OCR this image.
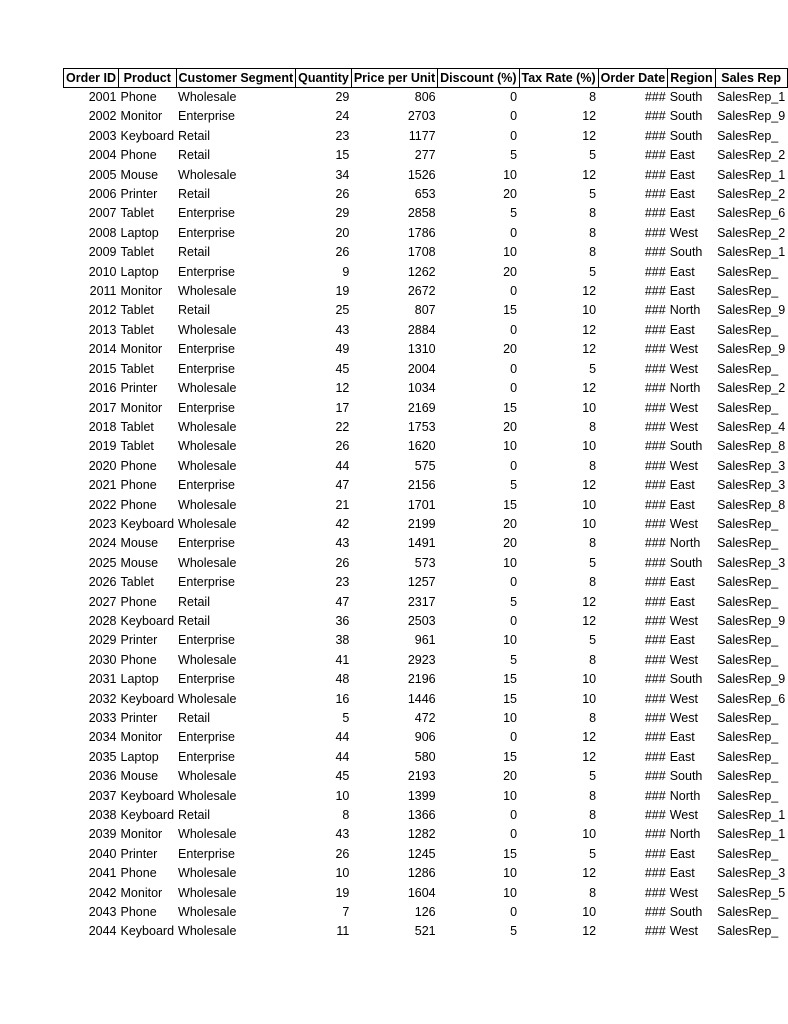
Order ID	Product	Customer Segment	Quantity	Price per Unit	Discount (%)	Tax Rate (%)	Order Date	Region	Sales Rep

2001	Phone	Wholesale	29	806	0	8	###	South	SalesRep_1
2002	Monitor	Enterprise	24	2703	0	12	###	South	SalesRep_9
2003	Keyboard	Retail	23	1177	0	12	###	South	SalesRep_
2004	Phone	Retail	15	277	5	5	###	East	SalesRep_2
2005	Mouse	Wholesale	34	1526	10	12	###	East	SalesRep_1
2006	Printer	Retail	26	653	20	5	###	East	SalesRep_2
2007	Tablet	Enterprise	29	2858	5	8	###	East	SalesRep_6
2008	Laptop	Enterprise	20	1786	0	8	###	West	SalesRep_2
2009	Tablet	Retail	26	1708	10	8	###	South	SalesRep_1
2010	Laptop	Enterprise	9	1262	20	5	###	East	SalesRep_
2011	Monitor	Wholesale	19	2672	0	12	###	East	SalesRep_
2012	Tablet	Retail	25	807	15	10	###	North	SalesRep_9
2013	Tablet	Wholesale	43	2884	0	12	###	East	SalesRep_
2014	Monitor	Enterprise	49	1310	20	12	###	West	SalesRep_9
2015	Tablet	Enterprise	45	2004	0	5	###	West	SalesRep_
2016	Printer	Wholesale	12	1034	0	12	###	North	SalesRep_2
2017	Monitor	Enterprise	17	2169	15	10	###	West	SalesRep_
2018	Tablet	Wholesale	22	1753	20	8	###	West	SalesRep_4
2019	Tablet	Wholesale	26	1620	10	10	###	South	SalesRep_8
2020	Phone	Wholesale	44	575	0	8	###	West	SalesRep_3
2021	Phone	Enterprise	47	2156	5	12	###	East	SalesRep_3
2022	Phone	Wholesale	21	1701	15	10	###	East	SalesRep_8
2023	Keyboard	Wholesale	42	2199	20	10	###	West	SalesRep_
2024	Mouse	Enterprise	43	1491	20	8	###	North	SalesRep_
2025	Mouse	Wholesale	26	573	10	5	###	South	SalesRep_3
2026	Tablet	Enterprise	23	1257	0	8	###	East	SalesRep_
2027	Phone	Retail	47	2317	5	12	###	East	SalesRep_
2028	Keyboard	Retail	36	2503	0	12	###	West	SalesRep_9
2029	Printer	Enterprise	38	961	10	5	###	East	SalesRep_
2030	Phone	Wholesale	41	2923	5	8	###	West	SalesRep_
2031	Laptop	Enterprise	48	2196	15	10	###	South	SalesRep_9
2032	Keyboard	Wholesale	16	1446	15	10	###	West	SalesRep_6
2033	Printer	Retail	5	472	10	8	###	West	SalesRep_
2034	Monitor	Enterprise	44	906	0	12	###	East	SalesRep_
2035	Laptop	Enterprise	44	580	15	12	###	East	SalesRep_
2036	Mouse	Wholesale	45	2193	20	5	###	South	SalesRep_
2037	Keyboard	Wholesale	10	1399	10	8	###	North	SalesRep_
2038	Keyboard	Retail	8	1366	0	8	###	West	SalesRep_1
2039	Monitor	Wholesale	43	1282	0	10	###	North	SalesRep_1
2040	Printer	Enterprise	26	1245	15	5	###	East	SalesRep_
2041	Phone	Wholesale	10	1286	10	12	###	East	SalesRep_3
2042	Monitor	Wholesale	19	1604	10	8	###	West	SalesRep_5
2043	Phone	Wholesale	7	126	0	10	###	South	SalesRep_
2044	Keyboard	Wholesale	11	521	5	12	###	West	SalesRep_
